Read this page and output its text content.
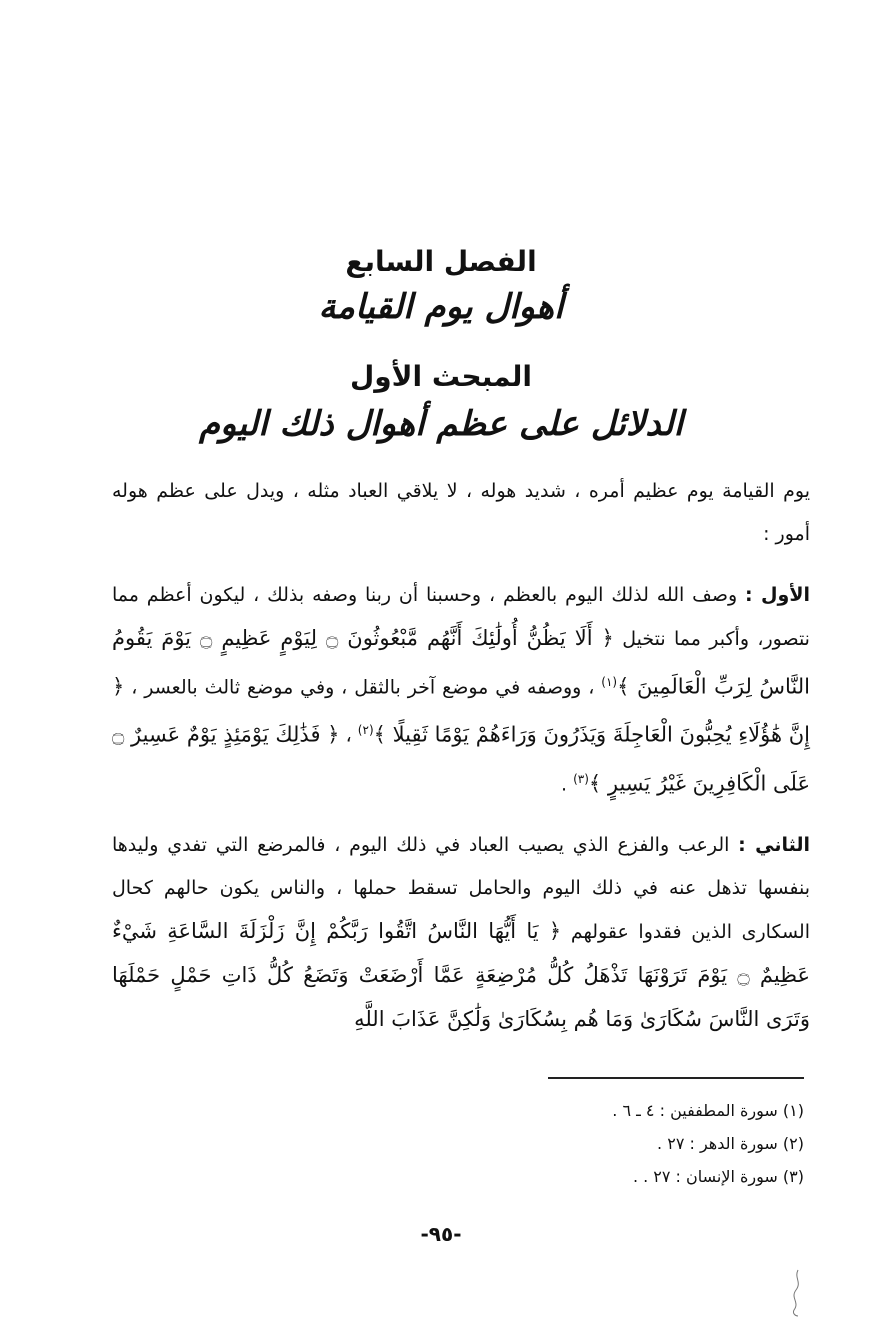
الفصل السابع
أهوال يوم القيامة
المبحث الأول
الدلائل على عظم أهوال ذلك اليوم

يوم القيامة يوم عظيم أمره ، شديد هوله ، لا يلاقي العباد مثله ، ويدل على عظم هوله أمور :

الأول : وصف الله لذلك اليوم بالعظم ، وحسبنا أن ربنا وصفه بذلك ، ليكون أعظم مما نتصور، وأكبر مما نتخيل ﴿ أَلَا يَظُنُّ أُولَٰئِكَ أَنَّهُم مَّبْعُوثُونَ ۝ لِيَوْمٍ عَظِيمٍ ۝ يَوْمَ يَقُومُ النَّاسُ لِرَبِّ الْعَالَمِينَ ﴾$^{(١)}$ ، ووصفه في موضع آخر بالثقل ، وفي موضع ثالث بالعسر ، ﴿ إِنَّ هَٰؤُلَاءِ يُحِبُّونَ الْعَاجِلَةَ وَيَذَرُونَ وَرَاءَهُمْ يَوْمًا ثَقِيلًا ﴾$^{(٢)}$ ، ﴿ فَذَٰلِكَ يَوْمَئِذٍ يَوْمٌ عَسِيرٌ ۝ عَلَى الْكَافِرِينَ غَيْرُ يَسِيرٍ ﴾$^{(٣)}$ .

الثاني : الرعب والفزع الذي يصيب العباد في ذلك اليوم ، فالمرضع التي تفدي وليدها بنفسها تذهل عنه في ذلك اليوم والحامل تسقط حملها ، والناس يكون حالهم كحال السكارى الذين فقدوا عقولهم ﴿ يَا أَيُّهَا النَّاسُ اتَّقُوا رَبَّكُمْ إِنَّ زَلْزَلَةَ السَّاعَةِ شَيْءٌ عَظِيمٌ ۝ يَوْمَ تَرَوْنَهَا تَذْهَلُ كُلُّ مُرْضِعَةٍ عَمَّا أَرْضَعَتْ وَتَضَعُ كُلُّ ذَاتِ حَمْلٍ حَمْلَهَا وَتَرَى النَّاسَ سُكَارَىٰ وَمَا هُم بِسُكَارَىٰ وَلَٰكِنَّ عَذَابَ اللَّهِ

(١) سورة المطففين : ٤ ـ ٦ .
(٢) سورة الدهر : ٢٧ .
(٣) سورة الإنسان : ٢٧ . .
-٩٥-
